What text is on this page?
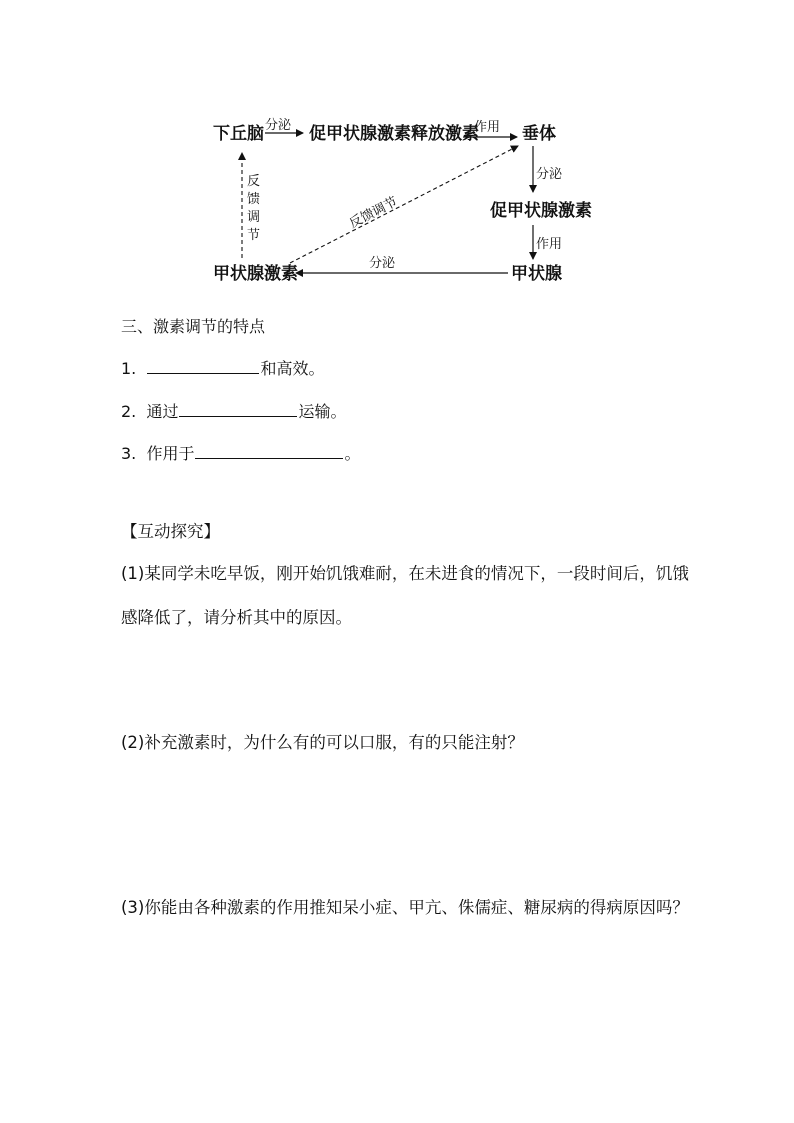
下丘脑	促甲状腺激素释放激素	垂体
促甲状腺激素
甲状腺
甲状腺激素
分泌	作用
分泌
作用
分泌
反
馈
调
节
反馈调节
三、激素调节的特点
1.	和高效。
2. 通过	运输。
3. 作用于	。
【互动探究】
(1)某同学未吃早饭，刚开始饥饿难耐，在未进食的情况下，一段时间后，饥饿感降低了，请分析其中的原因。
(2)补充激素时，为什么有的可以口服，有的只能注射？
(3)你能由各种激素的作用推知呆小症、甲亢、侏儒症、糖尿病的得病原因吗？
